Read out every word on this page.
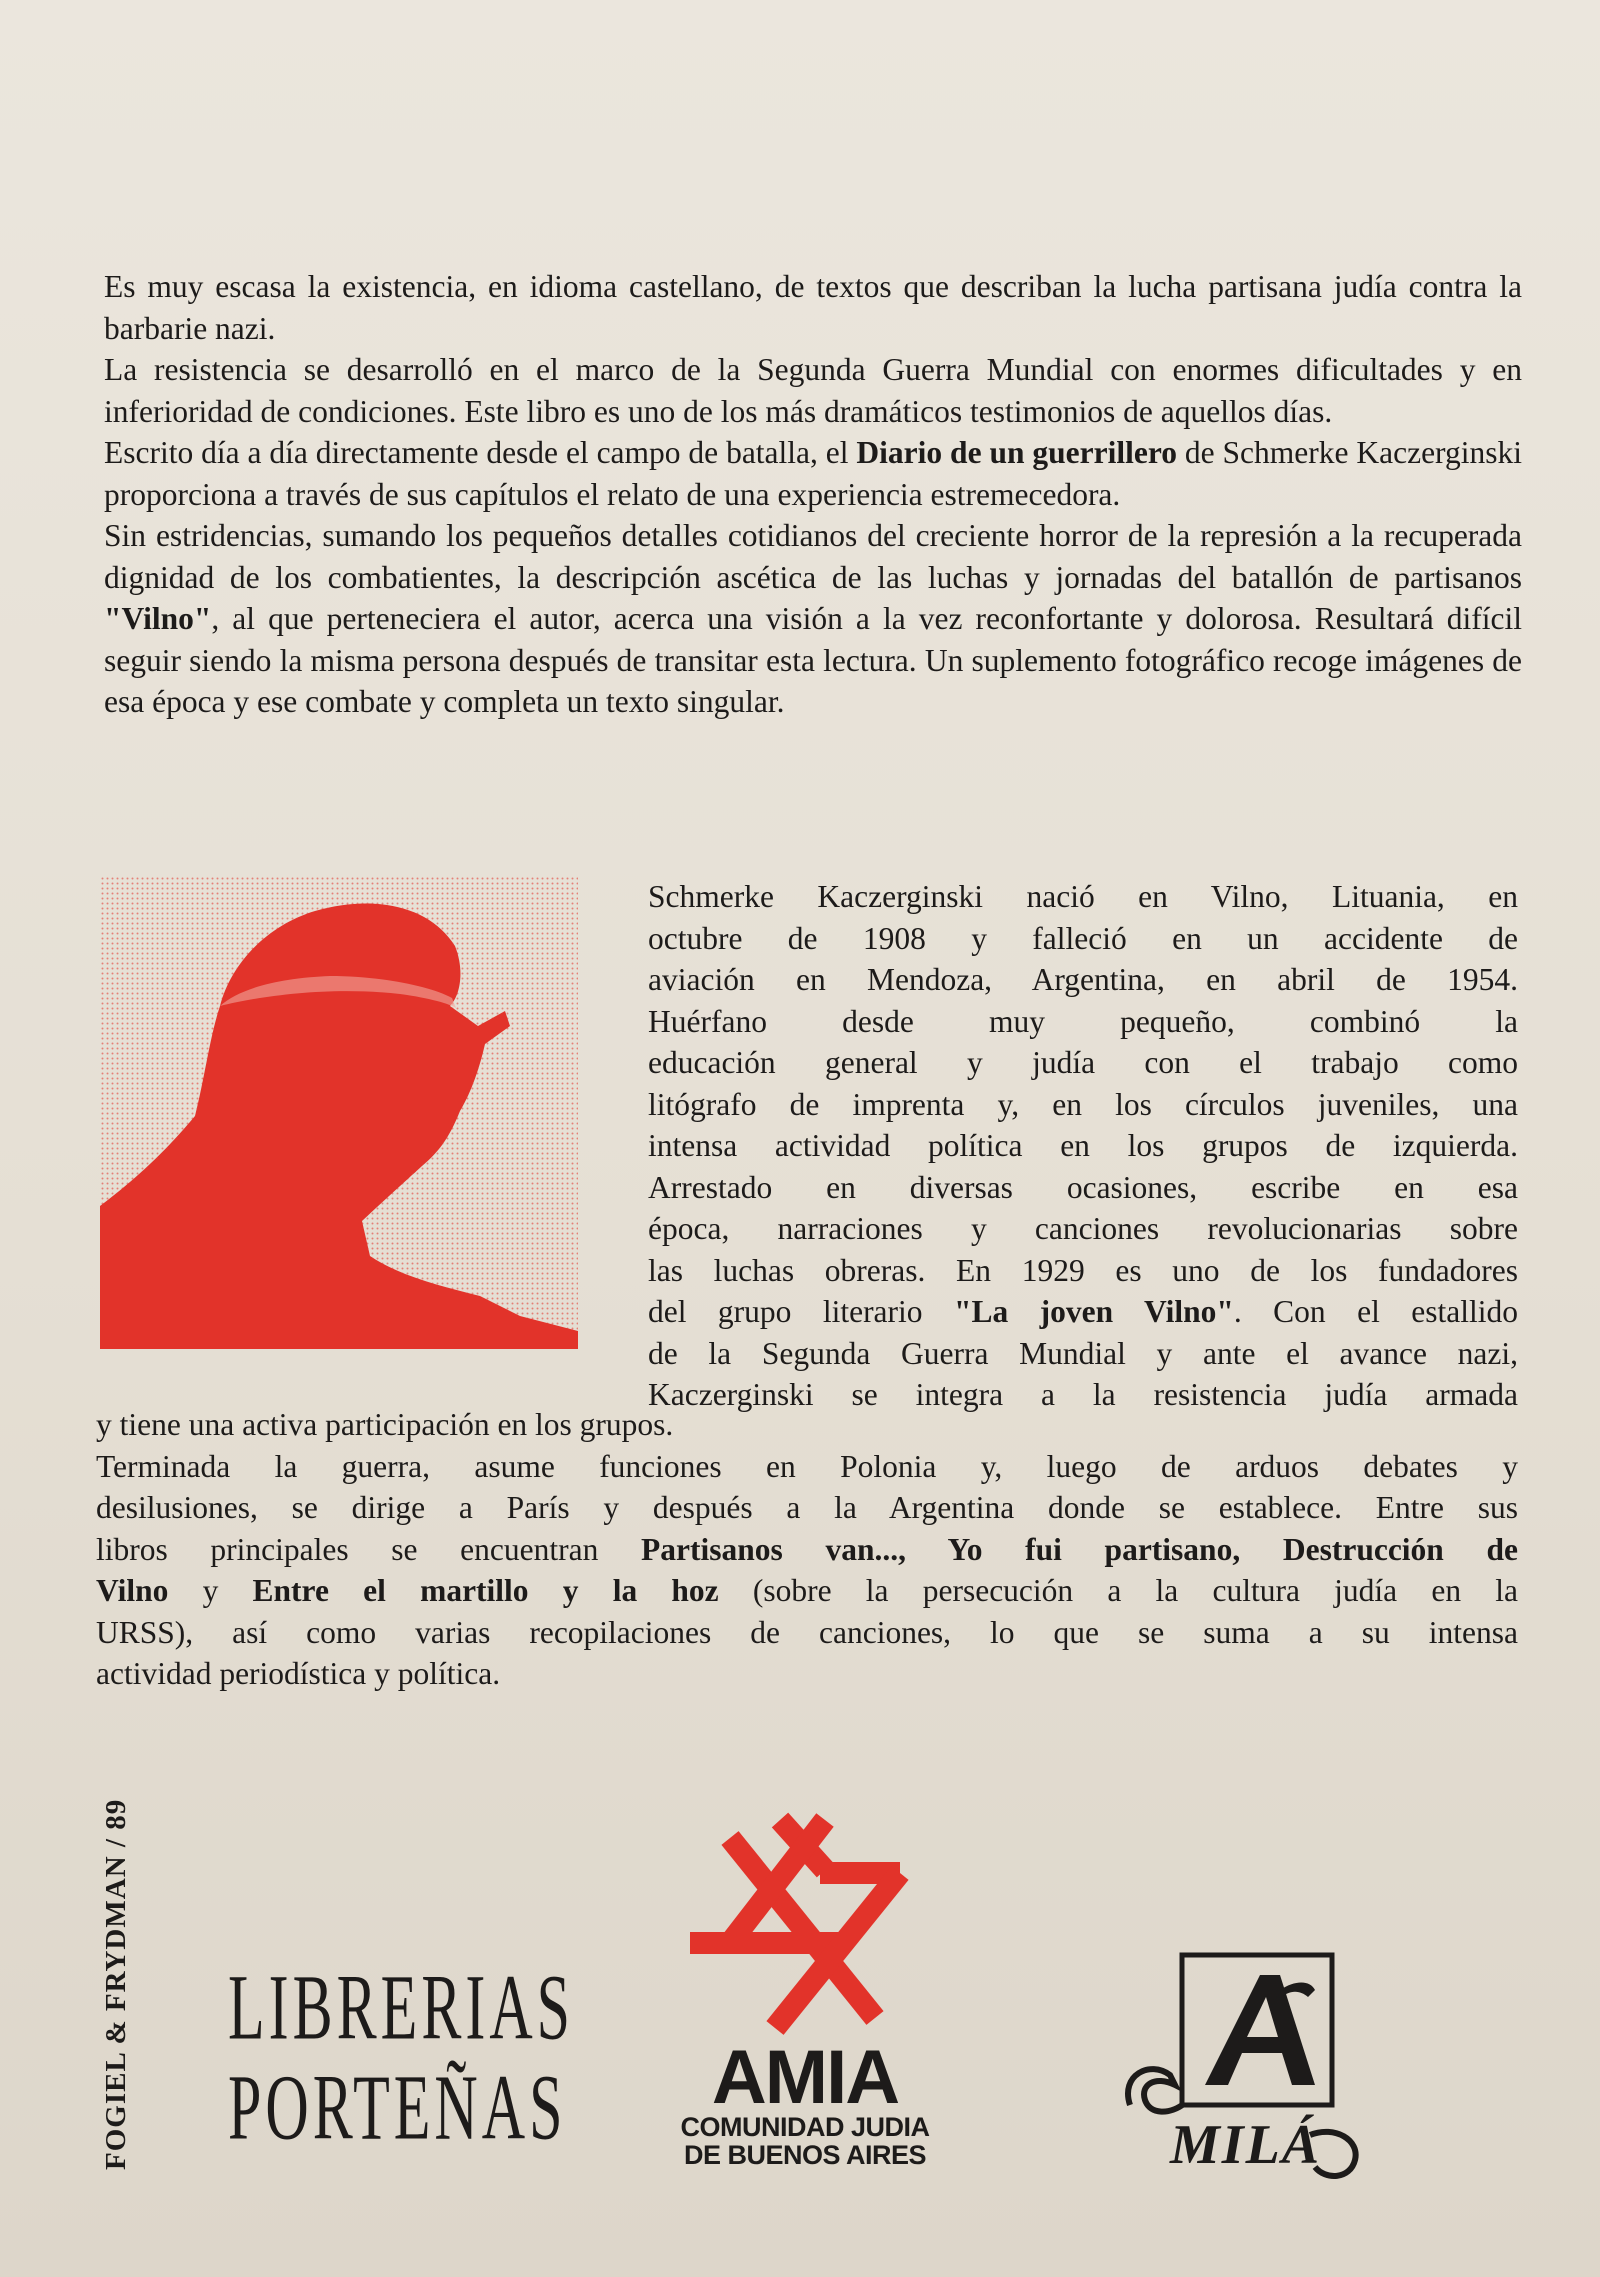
Es muy escasa la existencia, en idioma castellano, de textos que describan la lucha partisana judía contra la barbarie nazi.

La resistencia se desarrolló en el marco de la Segunda Guerra Mundial con enormes dificultades y en inferioridad de condiciones. Este libro es uno de los más dramáticos testimonios de aquellos días.

Escrito día a día directamente desde el campo de batalla, el Diario de un guerrillero de Schmerke Kaczerginski proporciona a través de sus capítulos el relato de una experiencia estremecedora.

Sin estridencias, sumando los pequeños detalles cotidianos del creciente horror de la represión a la recuperada dignidad de los combatientes, la descripción ascética de las luchas y jornadas del batallón de partisanos "Vilno", al que perteneciera el autor, acerca una visión a la vez reconfortante y dolorosa. Resultará difícil seguir siendo la misma persona después de transitar esta lectura. Un suplemento fotográfico recoge imágenes de esa época y ese combate y completa un texto singular.

Schmerke Kaczerginski nació en Vilno, Lituania, en
octubre de 1908 y falleció en un accidente de
aviación en Mendoza, Argentina, en abril de 1954.
Huérfano desde muy pequeño, combinó la
educación general y judía con el trabajo como
litógrafo de imprenta y, en los círculos juveniles, una
intensa actividad política en los grupos de izquierda.
Arrestado en diversas ocasiones, escribe en esa
época, narraciones y canciones revolucionarias sobre
las luchas obreras. En 1929 es uno de los fundadores
del grupo literario "La joven Vilno". Con el estallido
de la Segunda Guerra Mundial y ante el avance nazi,
Kaczerginski se integra a la resistencia judía armada
y tiene una activa participación en los grupos.
Terminada la guerra, asume funciones en Polonia y, luego de arduos debates y
desilusiones, se dirige a París y después a la Argentina donde se establece. Entre sus
libros principales se encuentran Partisanos van..., Yo fui partisano, Destrucción de
Vilno y Entre el martillo y la hoz (sobre la persecución a la cultura judía en la
URSS), así como varias recopilaciones de canciones, lo que se suma a su intensa
actividad periodística y política.
FOGIEL & FRYDMAN / 89 LIBRERIAS
PORTEÑAS	AMIA
COMUNIDAD JUDIA
DE BUENOS AIRES	MILÁ
